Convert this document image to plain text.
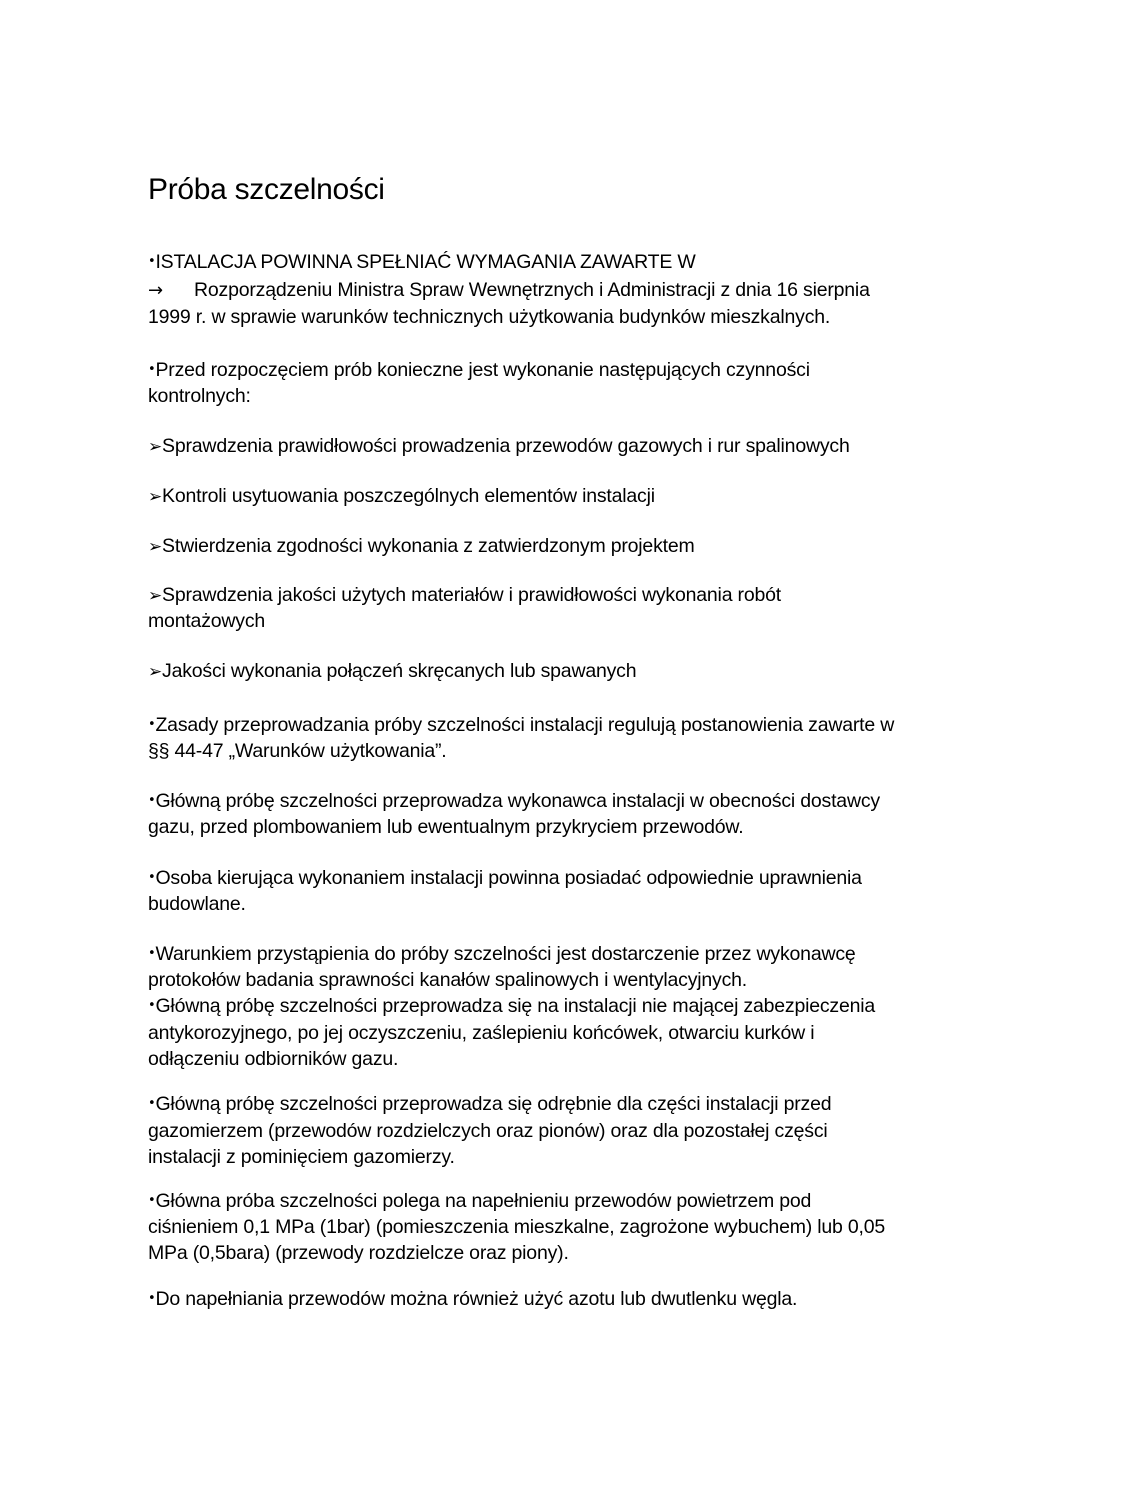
Próba szczelności
•ISTALACJA POWINNA SPEŁNIAĆ WYMAGANIA ZAWARTE W
→ Rozporządzeniu Ministra Spraw Wewnętrznych i Administracji z dnia 16 sierpnia
1999 r. w sprawie warunków technicznych użytkowania budynków mieszkalnych.
•Przed rozpoczęciem prób konieczne jest wykonanie następujących czynności
kontrolnych:
➢Sprawdzenia prawidłowości prowadzenia przewodów gazowych i rur spalinowych
➢Kontroli usytuowania poszczególnych elementów instalacji
➢Stwierdzenia zgodności wykonania z zatwierdzonym projektem
➢Sprawdzenia jakości użytych materiałów i prawidłowości wykonania robót
montażowych
➢Jakości wykonania połączeń skręcanych lub spawanych
•Zasady przeprowadzania próby szczelności instalacji regulują postanowienia zawarte w
§§ 44-47 „Warunków użytkowania”.
•Główną próbę szczelności przeprowadza wykonawca instalacji w obecności dostawcy
gazu, przed plombowaniem lub ewentualnym przykryciem przewodów.
•Osoba kierująca wykonaniem instalacji powinna posiadać odpowiednie uprawnienia
budowlane.
•Warunkiem przystąpienia do próby szczelności jest dostarczenie przez wykonawcę
protokołów badania sprawności kanałów spalinowych i wentylacyjnych.
•Główną próbę szczelności przeprowadza się na instalacji nie mającej zabezpieczenia
antykorozyjnego, po jej oczyszczeniu, zaślepieniu końcówek, otwarciu kurków i
odłączeniu odbiorników gazu.
•Główną próbę szczelności przeprowadza się odrębnie dla części instalacji przed
gazomierzem (przewodów rozdzielczych oraz pionów) oraz dla pozostałej części
instalacji z pominięciem gazomierzy.
•Główna próba szczelności polega na napełnieniu przewodów powietrzem pod
ciśnieniem 0,1 MPa (1bar) (pomieszczenia mieszkalne, zagrożone wybuchem) lub 0,05
MPa (0,5bara) (przewody rozdzielcze oraz piony).
•Do napełniania przewodów można również użyć azotu lub dwutlenku węgla.
